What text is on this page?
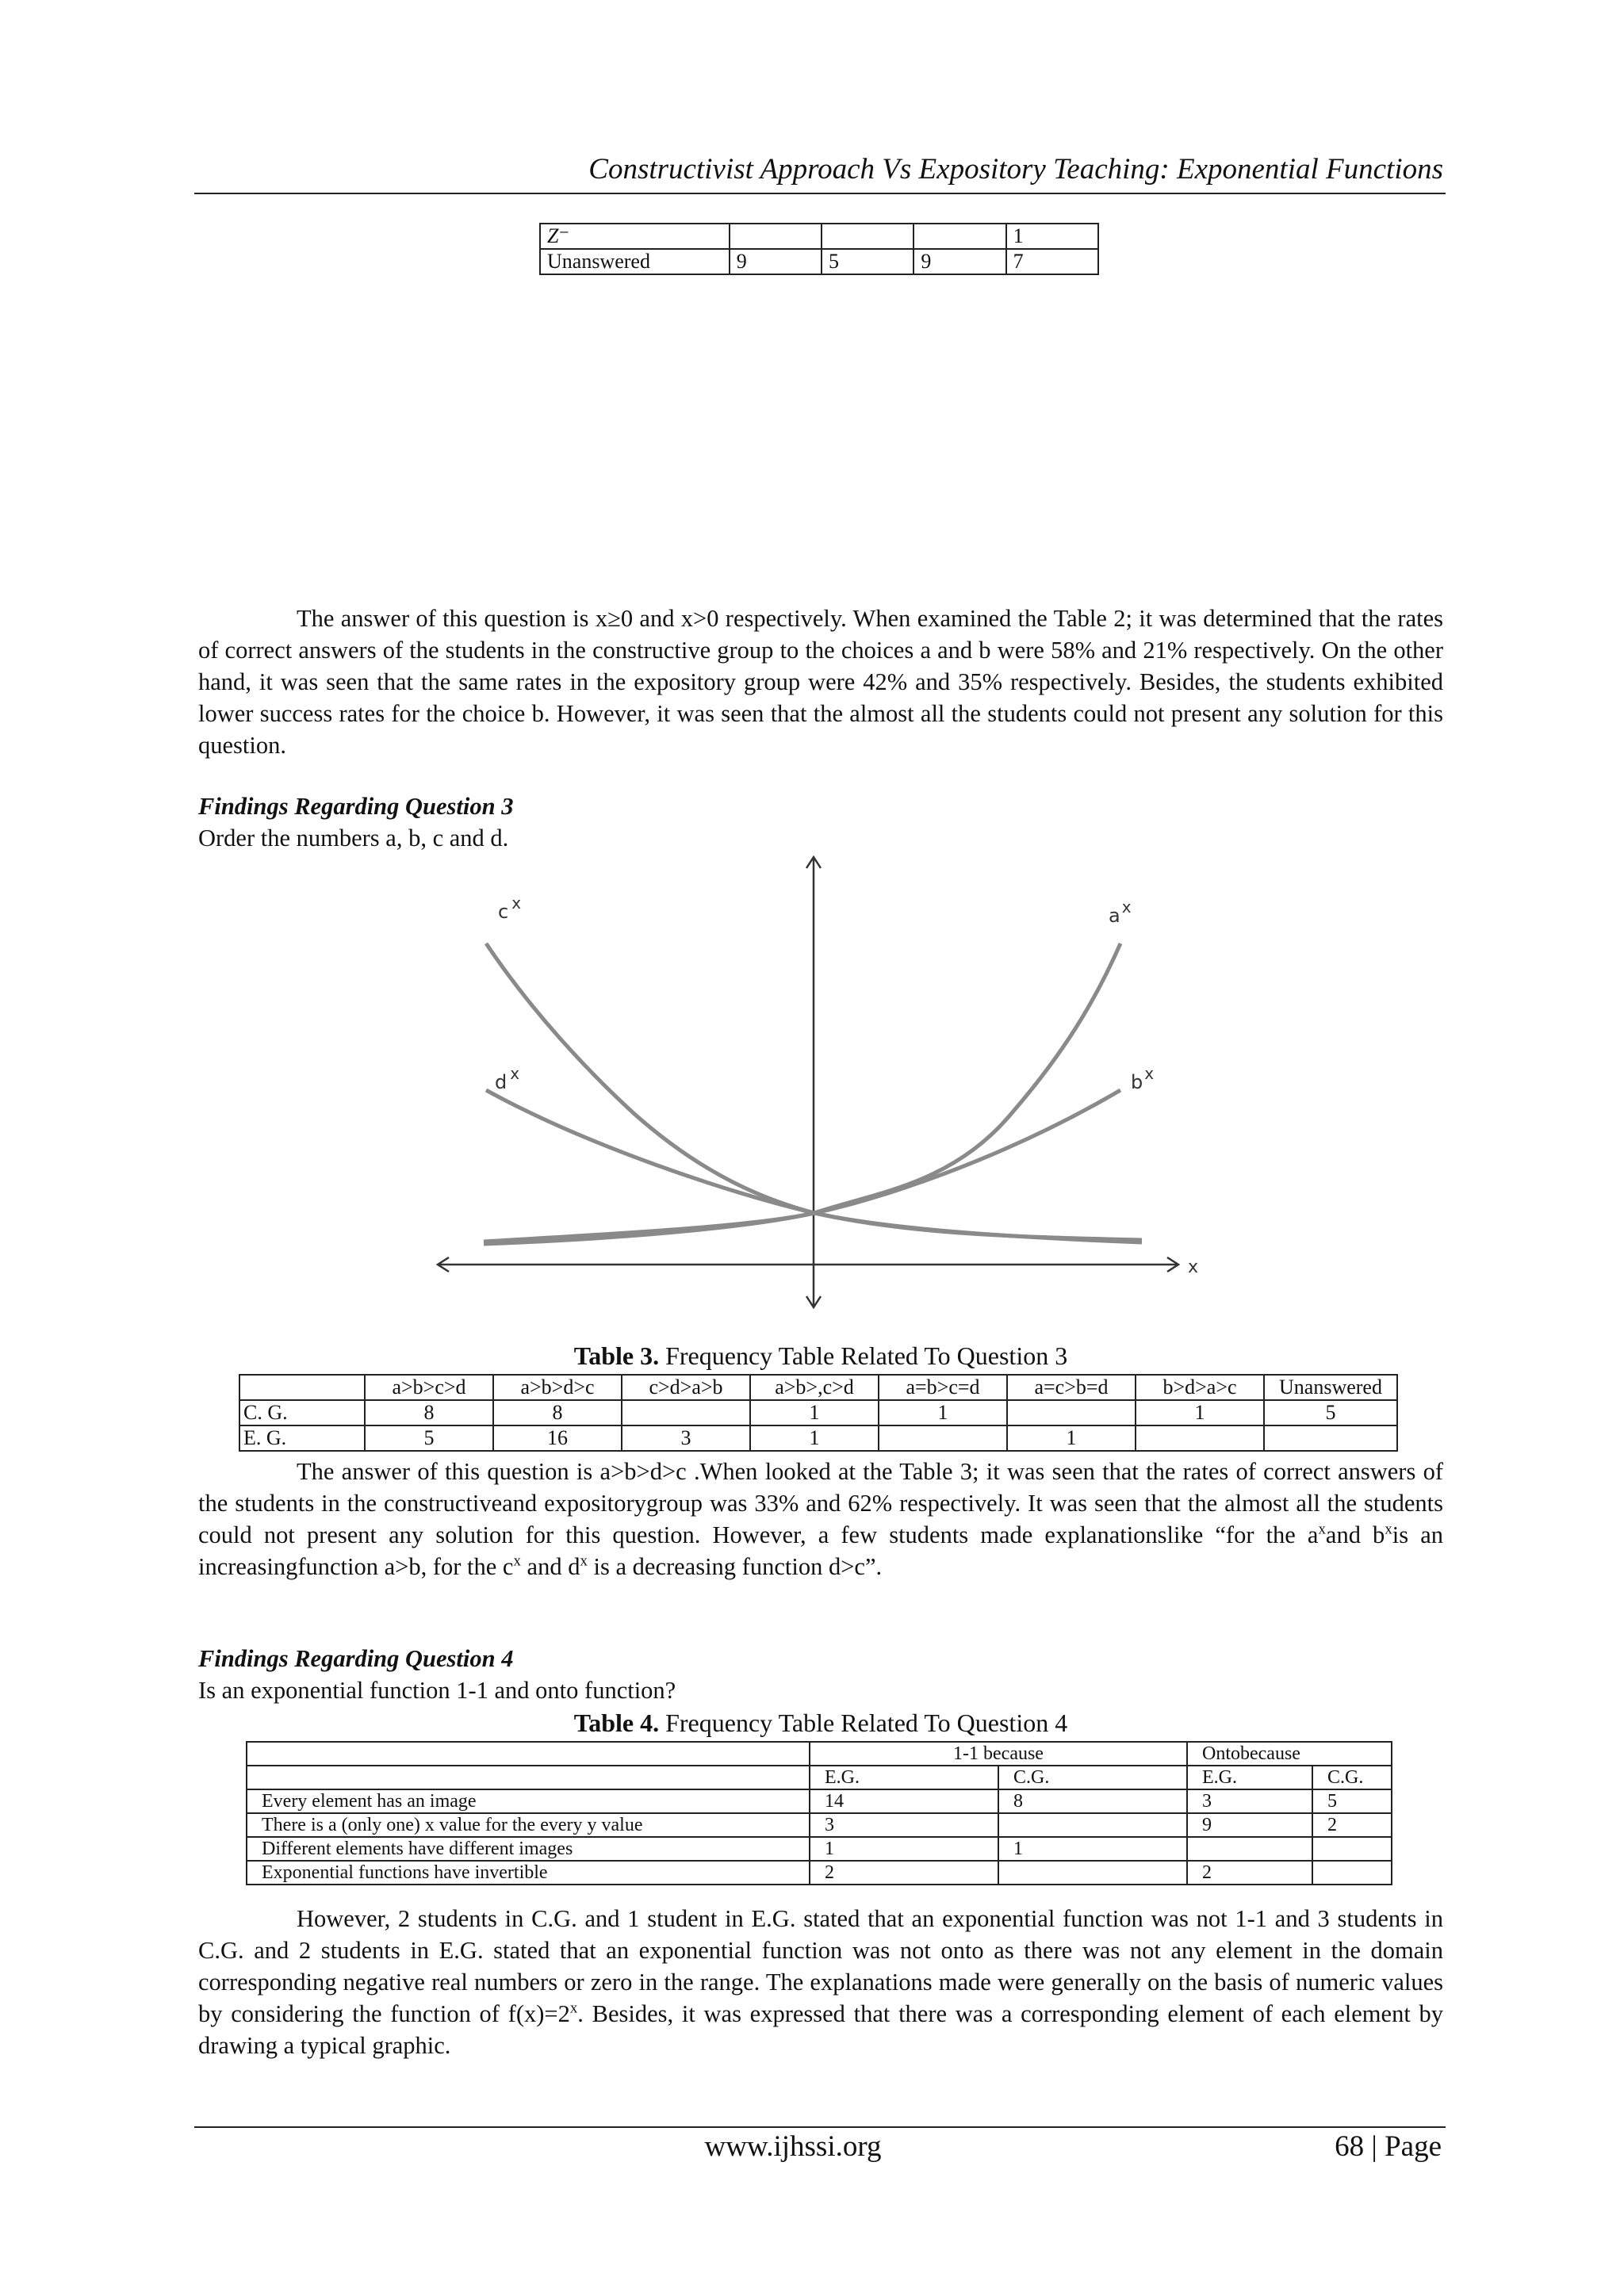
Constructivist Approach Vs Expository Teaching: Exponential Functions
Z⁻				1
Unanswered	9	5	9	7
The answer of this question is x≥0 and x>0 respectively. When examined the Table 2; it was determined that the rates of correct answers of the students in the constructive group to the choices a and b were 58% and 21% respectively. On the other hand, it was seen that the same rates in the expository group were 42% and 35% respectively. Besides, the students exhibited lower success rates for the choice b. However, it was seen that the almost all the students could not present any solution for this question.
Findings Regarding Question 3
Order the numbers a, b, c and d.
x
c $^x$
d $^x$
a $^x$
b $^x$
Table 3. Frequency Table Related To Question 3
	a>b>c>d	a>b>d>c	c>d>a>b	a>b>,c>d	a=b>c=d	a=c>b=d	b>d>a>c	Unanswered
C. G.	8	8		1	1		1	5
E. G.	5	16	3	1		1		
The answer of this question is a>b>d>c .When looked at the Table 3; it was seen that the rates of correct answers of the students in the constructiveand expositorygroup was 33% and 62% respectively. It was seen that the almost all the students could not present any solution for this question. However, a few students made explanationslike “for the $a^xand$ $b^xis$ an increasingfunction a>b, for the $c^x$ and $d^x$ is a decreasing function d>c”.
Findings Regarding Question 4
Is an exponential function 1-1 and onto function?
Table 4. Frequency Table Related To Question 4
	1-1 because		Ontobecause	
	E.G.	C.G.	E.G.	C.G.
Every element has an image	14	8	3	5
There is a (only one) x value for the every y value	3		9	2
Different elements have different images	1	1		
Exponential functions have invertible	2		2	
However, 2 students in C.G. and 1 student in E.G. stated that an exponential function was not 1-1 and 3 students in C.G. and 2 students in E.G. stated that an exponential function was not onto as there was not any element in the domain corresponding negative real numbers or zero in the range. The explanations made were generally on the basis of numeric values by considering the function of $f(x)=2^x$. Besides, it was expressed that there was a corresponding element of each element by drawing a typical graphic.
www.ijhssi.org	68 | Page
